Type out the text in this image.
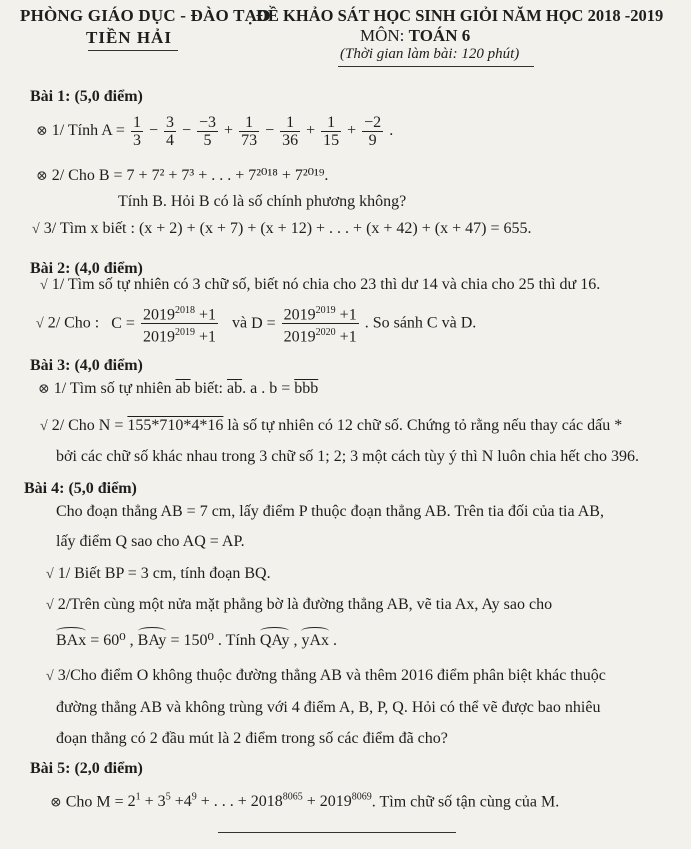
PHÒNG GIÁO DỤC - ĐÀO TẠO
TIỀN HẢI
ĐỀ KHẢO SÁT HỌC SINH GIỎI NĂM HỌC 2018 -2019
MÔN: TOÁN 6
(Thời gian làm bài: 120 phút)
Bài 1: (5,0 điểm)
⊗ 1/ Tính $A = \frac{1}{3} - \frac{3}{4} - \frac{-3}{5} + \frac{1}{73} - \frac{1}{36} + \frac{1}{15} + \frac{-2}{9}$ .
⊗ 2/ Cho B = 7 + 7² + 7³ + . . . + 7²⁰¹⁸ + 7²⁰¹⁹.
Tính B. Hỏi B có là số chính phương không?
√ 3/ Tìm x biết : (x + 2) + (x + 7) + (x + 12) + . . . + (x + 42) + (x + 47) = 655.
Bài 2: (4,0 điểm)
√ 1/ Tìm số tự nhiên có 3 chữ số, biết nó chia cho 23 thì dư 14 và chia cho 25 thì dư 16.
√ 2/ Cho :   $C = \frac{2019^{2018} +1}{2019^{2019} +1}$ và $D = \frac{2019^{2019} +1}{2019^{2020} +1}$ . So sánh C và D.
Bài 3: (4,0 điểm)
⊗ 1/ Tìm số tự nhiên $\overline{ab}$ biết: $\overline{ab}$. a . $b = \overline{bbb}$
√ 2/ Cho N = 155*710*4*16 là số tự nhiên có 12 chữ số. Chứng tỏ rằng nếu thay các dấu *
bởi các chữ số khác nhau trong 3 chữ số 1; 2; 3 một cách tùy ý thì N luôn chia hết cho 396.
Bài 4: (5,0 điểm)
Cho đoạn thẳng AB = 7 cm, lấy điểm P thuộc đoạn thẳng AB. Trên tia đối của tia AB,
lấy điểm Q sao cho AQ = AP.
√ 1/ Biết BP = 3 cm, tính đoạn BQ.
√ 2/Trên cùng một nửa mặt phẳng bờ là đường thẳng AB, vẽ tia Ax, Ay sao cho
BAx = 60⁰ , BAy = 150⁰ . Tính QAy , yAx .
√ 3/Cho điểm O không thuộc đường thẳng AB và thêm 2016 điểm phân biệt khác thuộc
đường thẳng AB và không trùng với 4 điểm A, B, P, Q. Hỏi có thể vẽ được bao nhiêu
đoạn thẳng có 2 đầu mút là 2 điểm trong số các điểm đã cho?
Bài 5: (2,0 điểm)
⊗ Cho $M = 2^1 + 3^5 +4^9$ + . . . + $2018^{8065} + 2019^{8069}$. Tìm chữ số tận cùng của M.
